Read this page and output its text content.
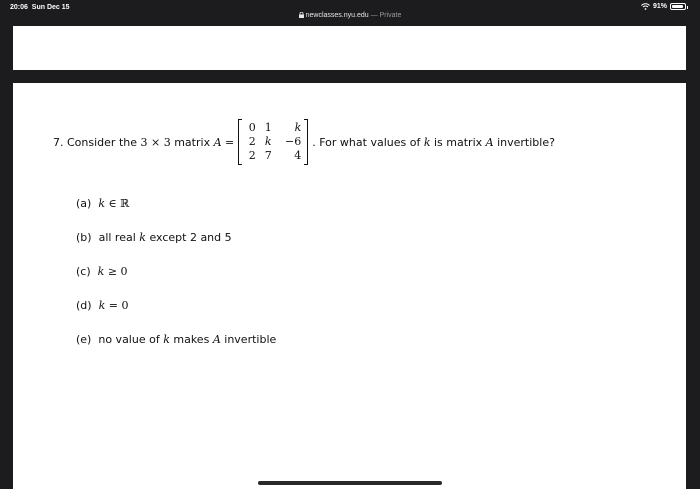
20:06 Sun Dec 15
newclasses.nyu.edu — Private
91%
7.
Consider the
3 × 3
matrix
A =
0 1	k
2 k	−6
2 7	4
. For what values of
k
is matrix
A
invertible?
(a) k ∈ ℝ
(b) all real k except 2 and 5
(c) k ≥ 0
(d) k = 0
(e) no value of k makes A invertible
